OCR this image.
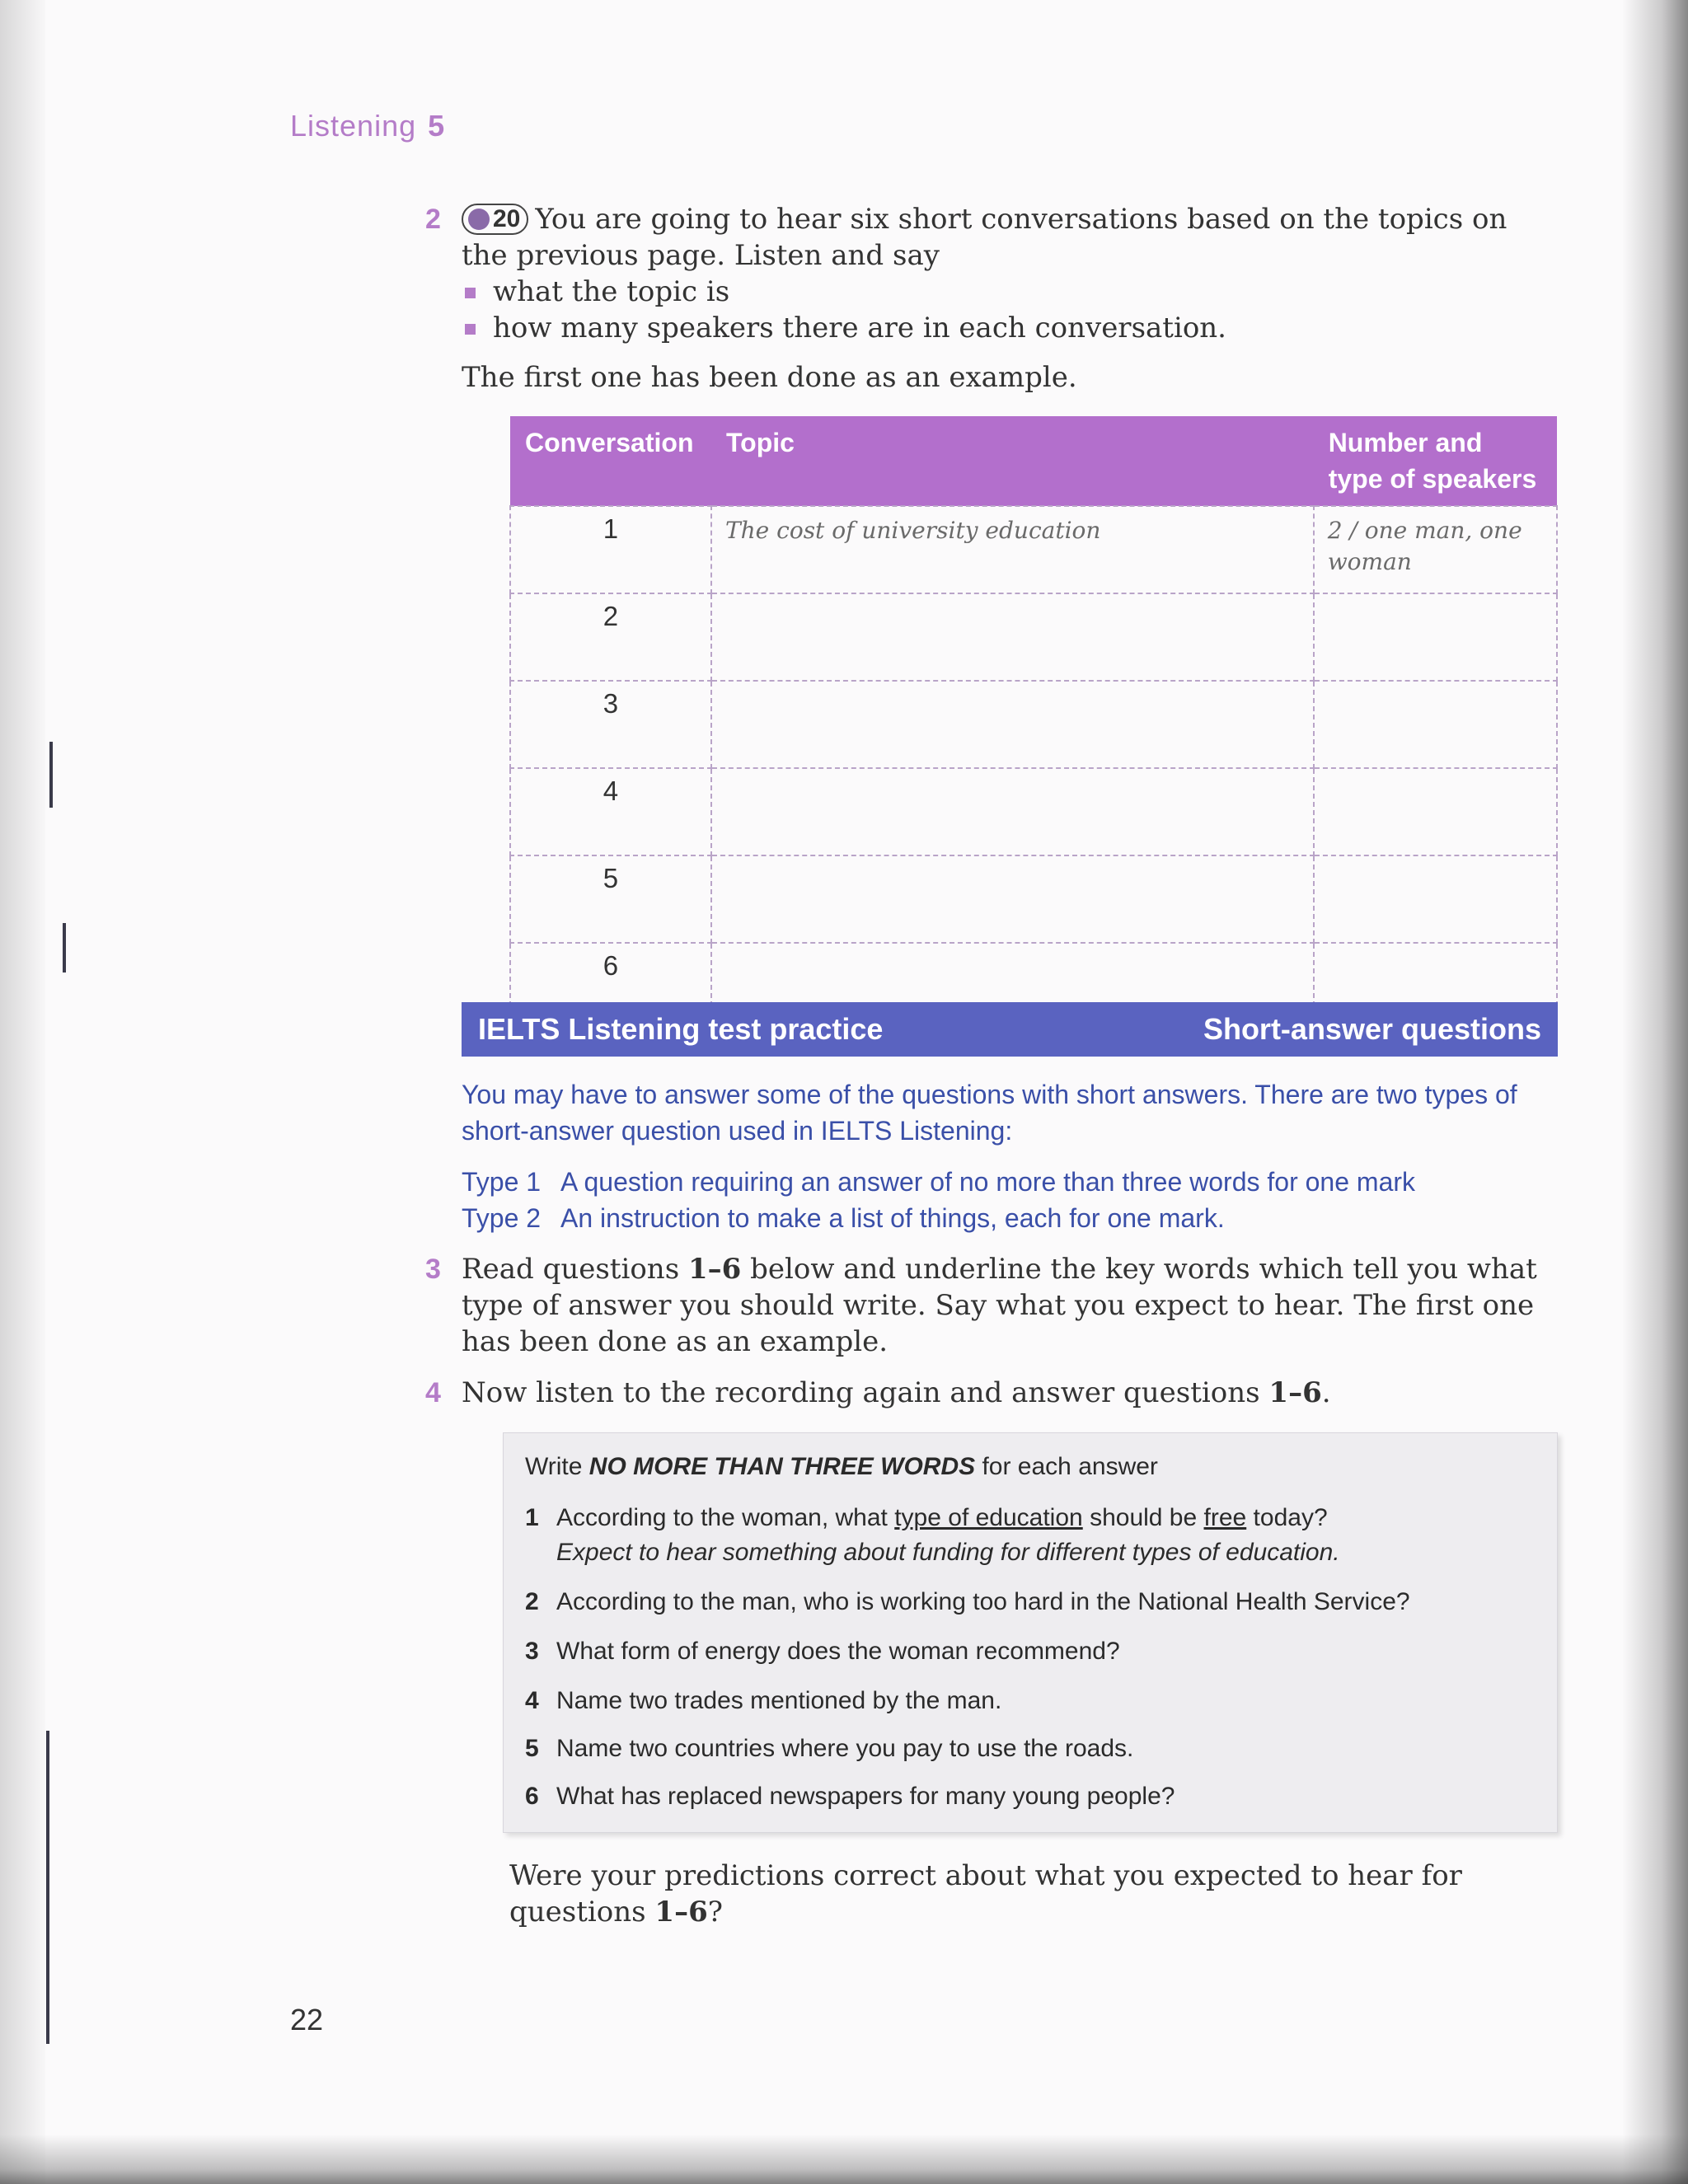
Listening 5
2 20 You are going to hear six short conversations based on the topics on the previous page. Listen and say
what the topic is
how many speakers there are in each conversation.
The first one has been done as an example.
Conversation	Topic	Number and type of speakers
1	The cost of university education	2 / one man, one woman
2		
3		
4		
5		
6		
IELTS Listening test practice	Short-answer questions
You may have to answer some of the questions with short answers. There are two types of short-answer question used in IELTS Listening:
Type 1 A question requiring an answer of no more than three words for one mark
Type 2 An instruction to make a list of things, each for one mark.
3 Read questions 1–6 below and underline the key words which tell you what type of answer you should write. Say what you expect to hear. The first one has been done as an example.
4 Now listen to the recording again and answer questions 1–6.
Write NO MORE THAN THREE WORDS for each answer
1 According to the woman, what type of education should be free today?
Expect to hear something about funding for different types of education.
2 According to the man, who is working too hard in the National Health Service?
3 What form of energy does the woman recommend?
4 Name two trades mentioned by the man.
5 Name two countries where you pay to use the roads.
6 What has replaced newspapers for many young people?
Were your predictions correct about what you expected to hear for questions 1–6?
22
